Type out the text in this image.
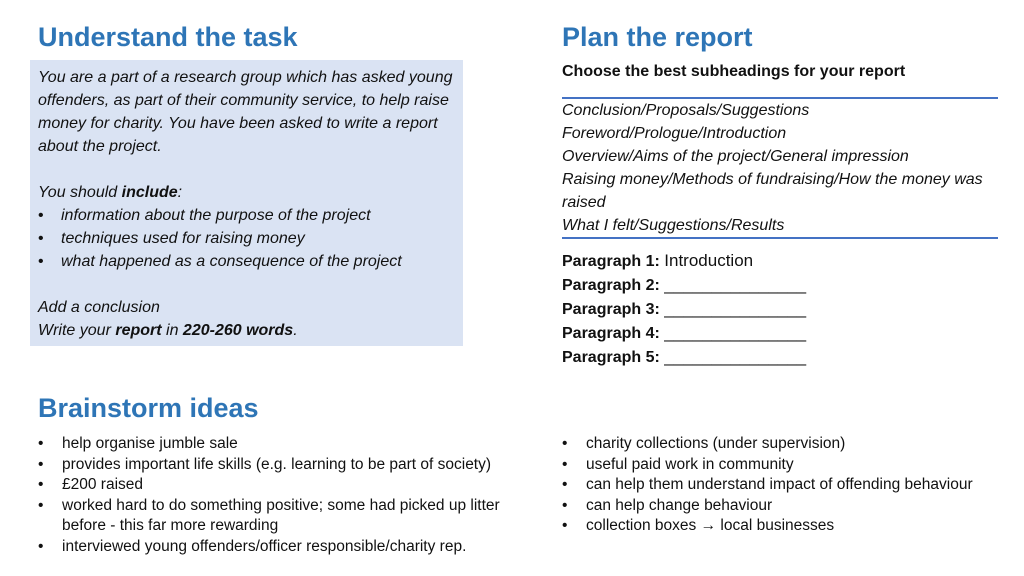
Understand the task	Plan the report
Brainstorm ideas

You are a part of a research group which has asked young offenders, as part of their community service, to help raise money for charity. You have been asked to write a report about the project.

You should include:

• information about the purpose of the project
• techniques used for raising money
• what happened as a consequence of the project

Add a conclusion

Write your report in 220-260 words.

Choose the best subheadings for your report

Conclusion/Proposals/Suggestions
Foreword/Prologue/Introduction
Overview/Aims of the project/General impression
Raising money/Methods of fundraising/How the money was raised
What I felt/Suggestions/Results
Paragraph 1: Introduction
Paragraph 2: _______________
Paragraph 3: _______________
Paragraph 4: _______________
Paragraph 5: _______________
• help organise jumble sale
• provides important life skills (e.g. learning to be part of society)
• £200 raised
• worked hard to do something positive; some had picked up litter before - this far more rewarding
• interviewed young offenders/officer responsible/charity rep.
• charity collections (under supervision)
• useful paid work in community
• can help them understand impact of offending behaviour
• can help change behaviour
• collection boxes → local businesses
